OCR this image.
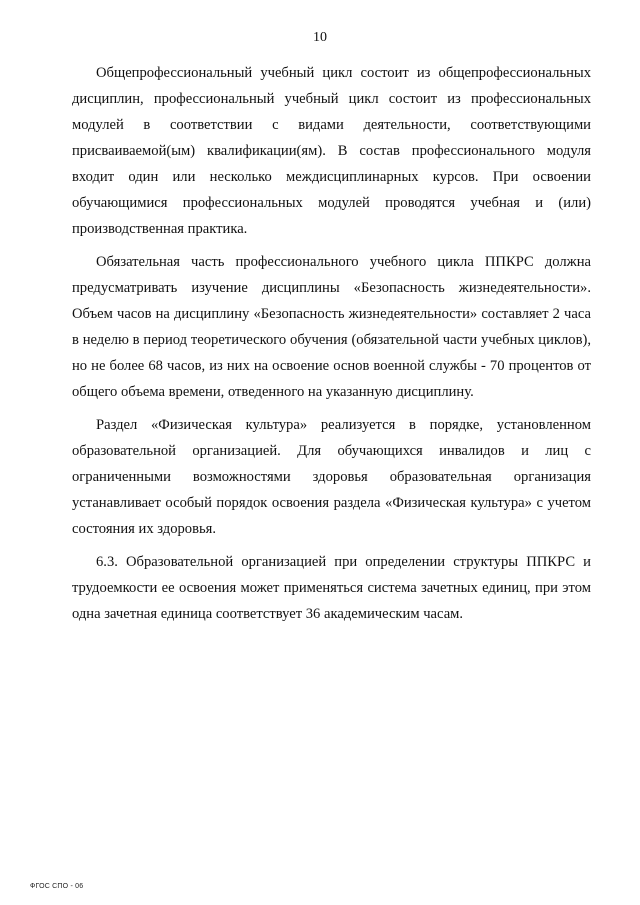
10

Общепрофессиональный учебный цикл состоит из общепрофессиональных дисциплин, профессиональный учебный цикл состоит из профессиональных модулей в соответствии с видами деятельности, соответствующими присваиваемой(ым) квалификации(ям). В состав профессионального модуля входит один или несколько междисциплинарных курсов. При освоении обучающимися профессиональных модулей проводятся учебная и (или) производственная практика.

Обязательная часть профессионального учебного цикла ППКРС должна предусматривать изучение дисциплины «Безопасность жизнедеятельности». Объем часов на дисциплину «Безопасность жизнедеятельности» составляет 2 часа в неделю в период теоретического обучения (обязательной части учебных циклов), но не более 68 часов, из них на освоение основ военной службы - 70 процентов от общего объема времени, отведенного на указанную дисциплину.

Раздел «Физическая культура» реализуется в порядке, установленном образовательной организацией. Для обучающихся инвалидов и лиц с ограниченными возможностями здоровья образовательная организация устанавливает особый порядок освоения раздела «Физическая культура» с учетом состояния их здоровья.

6.3. Образовательной организацией при определении структуры ППКРС и трудоемкости ее освоения может применяться система зачетных единиц, при этом одна зачетная единица соответствует 36 академическим часам.

ФГОС СПО - 06
